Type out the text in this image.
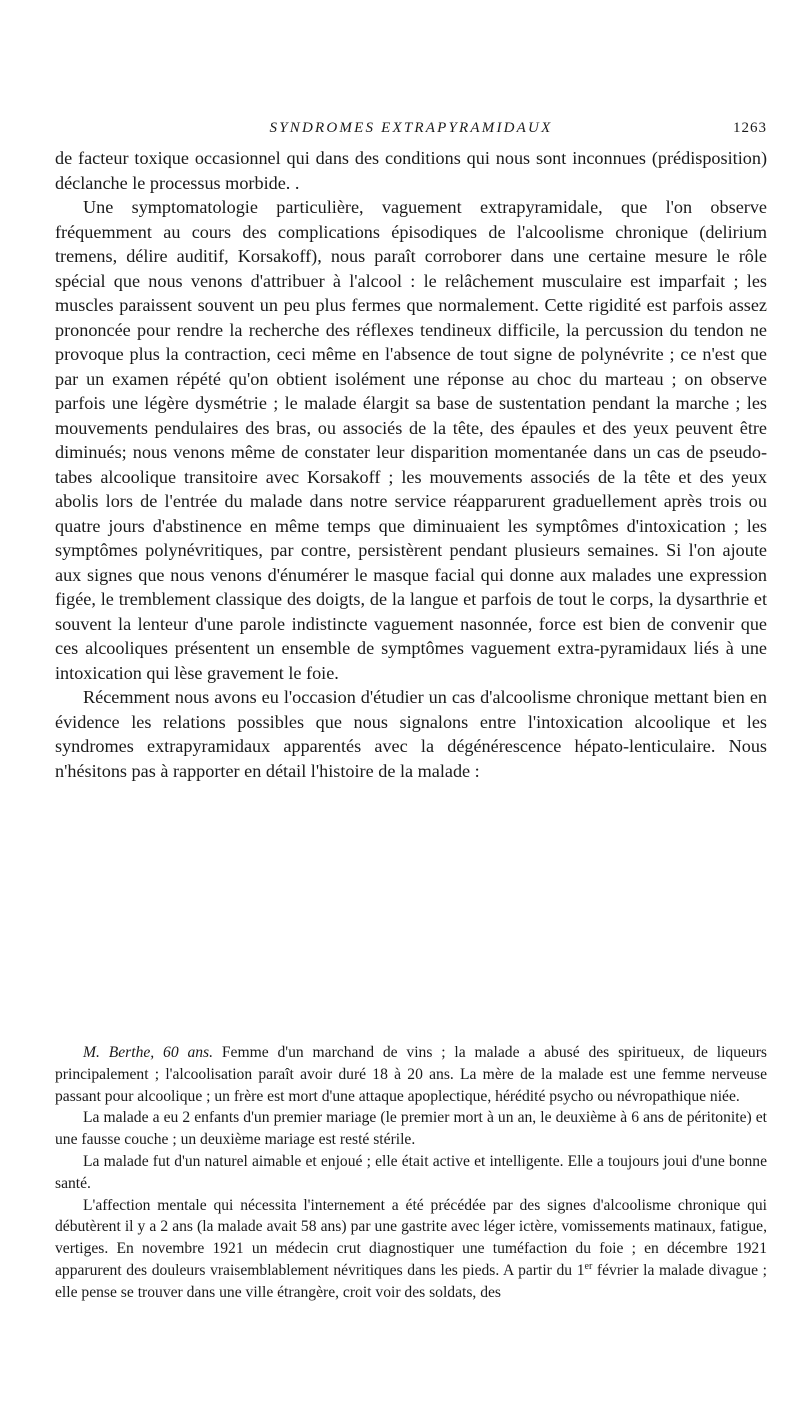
SYNDROMES EXTRAPYRAMIDAUX	1263

de facteur toxique occasionnel qui dans des conditions qui nous sont inconnues (prédisposition) déclanche le processus morbide. .

Une symptomatologie particulière, vaguement extrapyramidale, que l'on observe fréquemment au cours des complications épisodiques de l'alcoolisme chronique (delirium tremens, délire auditif, Korsakoff), nous paraît corroborer dans une certaine mesure le rôle spécial que nous venons d'attribuer à l'alcool : le relâchement musculaire est imparfait ; les muscles paraissent souvent un peu plus fermes que normalement. Cette rigidité est parfois assez prononcée pour rendre la recherche des réflexes tendineux difficile, la percussion du tendon ne provoque plus la contraction, ceci même en l'absence de tout signe de polynévrite ; ce n'est que par un examen répété qu'on obtient isolément une réponse au choc du marteau ; on observe parfois une légère dysmétrie ; le malade élargit sa base de sustentation pendant la marche ; les mouvements pendulaires des bras, ou associés de la tête, des épaules et des yeux peuvent être diminués; nous venons même de constater leur disparition momentanée dans un cas de pseudo-tabes alcoolique transitoire avec Korsakoff ; les mouvements associés de la tête et des yeux abolis lors de l'entrée du malade dans notre service réapparurent graduellement après trois ou quatre jours d'abstinence en même temps que diminuaient les symptômes d'intoxication ; les symptômes polynévritiques, par contre, persistèrent pendant plusieurs semaines. Si l'on ajoute aux signes que nous venons d'énumérer le masque facial qui donne aux malades une expression figée, le tremblement classique des doigts, de la langue et parfois de tout le corps, la dysarthrie et souvent la lenteur d'une parole indistincte vaguement nasonnée, force est bien de convenir que ces alcooliques présentent un ensemble de symptômes vaguement extra-pyramidaux liés à une intoxication qui lèse gravement le foie.

Récemment nous avons eu l'occasion d'étudier un cas d'alcoolisme chronique mettant bien en évidence les relations possibles que nous signalons entre l'intoxication alcoolique et les syndromes extrapyramidaux apparentés avec la dégénérescence hépato-lenticulaire. Nous n'hésitons pas à rapporter en détail l'histoire de la malade :

M. Berthe, 60 ans. Femme d'un marchand de vins ; la malade a abusé des spiritueux, de liqueurs principalement ; l'alcoolisation paraît avoir duré 18 à 20 ans. La mère de la malade est une femme nerveuse passant pour alcoolique ; un frère est mort d'une attaque apoplectique, hérédité psycho ou névropathique niée.

La malade a eu 2 enfants d'un premier mariage (le premier mort à un an, le deuxième à 6 ans de péritonite) et une fausse couche ; un deuxième mariage est resté stérile.

La malade fut d'un naturel aimable et enjoué ; elle était active et intelligente. Elle a toujours joui d'une bonne santé.

L'affection mentale qui nécessita l'internement a été précédée par des signes d'alcoolisme chronique qui débutèrent il y a 2 ans (la malade avait 58 ans) par une gastrite avec léger ictère, vomissements matinaux, fatigue, vertiges. En novembre 1921 un médecin crut diagnostiquer une tuméfaction du foie ; en décembre 1921 apparurent des douleurs vraisemblablement névritiques dans les pieds. A partir du 1er février la malade divague ; elle pense se trouver dans une ville étrangère, croit voir des soldats, des
